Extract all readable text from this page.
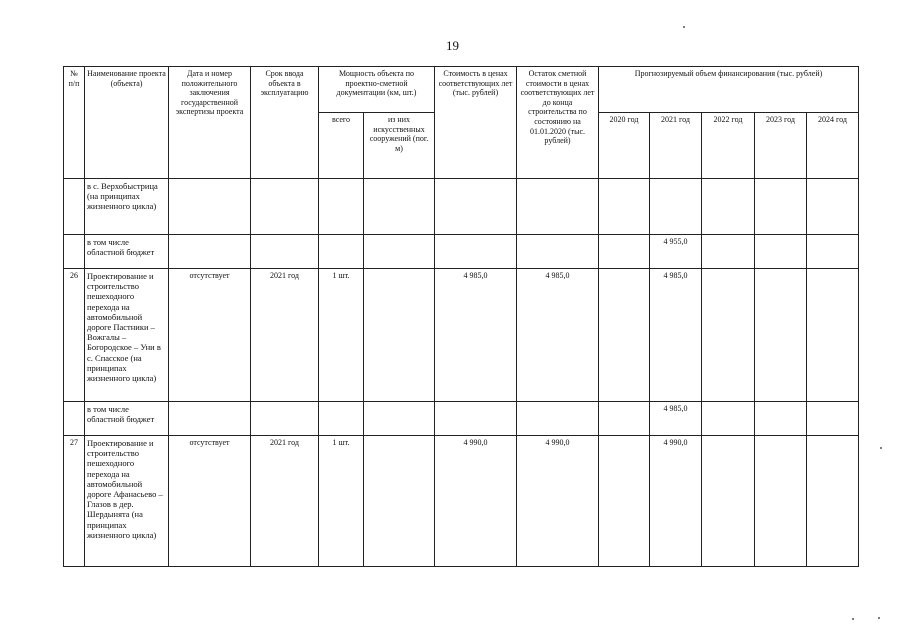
19
№ п/п	Наименование проекта (объекта)	Дата и номер положительного заключения государственной экспертизы проекта	Срок ввода объекта в эксплуатацию	Мощность объекта по проектно-сметной документации (км, шт.)		Стоимость в ценах соответствующих лет (тыс. рублей)	Остаток сметной стоимости в ценах соответствующих лет до конца строительства по состоянию на 01.01.2020 (тыс. рублей)	Прогнозируемый объем финансирования (тыс. рублей)				
				всего	из них искусственных сооружений (пог. м)			2020 год	2021 год	2022 год	2023 год	2024 год
	в с. Верхобыстрица (на принципах жизненного цикла)											
	в том числе областной бюджет								4 955,0			
26	Проектирование и строительство пешеходного перехода на автомобильной дороге Пастники – Вожгалы – Богородское – Уни в с. Спасское (на принципах жизненного цикла)	отсутствует	2021 год	1 шт.		4 985,0	4 985,0		4 985,0			
	в том числе областной бюджет								4 985,0			
27	Проектирование и строительство пешеходного перехода на автомобильной дороге Афанасьево – Глазов в дер. Шердынята (на принципах жизненного цикла)	отсутствует	2021 год	1 шт.		4 990,0	4 990,0		4 990,0			
